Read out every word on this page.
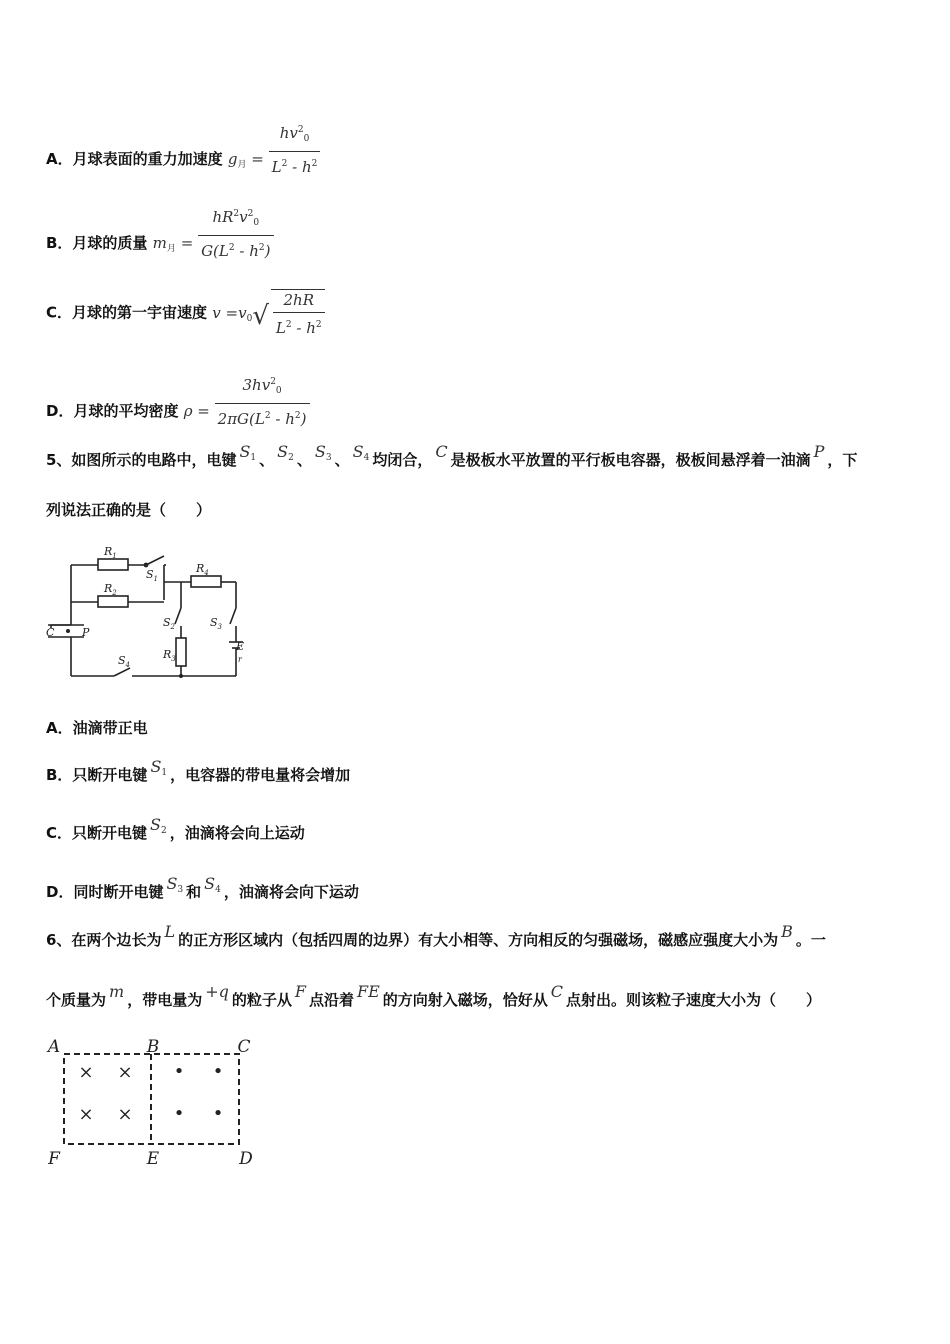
A．月球表面的重力加速度 $g_月 = \frac{hv^2_0}{L^2 - h^2}$
B．月球的质量 $m_月 = \frac{hR^2v^2_0}{G(L^2 - h^2)}$
C．月球的第一宇宙速度 $v =v_0√ \frac{2hR}{L^2 - h^2}$
D．月球的平均密度 $\rho = \frac{3hv^2_0}{2\pi G(L^2 - h^2)}$
5、如图所示的电路中，电键 $S_1$ 、 $S_2$ 、 $S_3$ 、 $S_4$ 均闭合， C 是极板水平放置的平行板电容器，极板间悬浮着一油滴 P ，下
列说法正确的是（　　）
$R_1$
$R_2$
$R_3$
$R_4$
$S_1$
$S_2$	$S_3$
$S_4$
C	P
E
r
A．油滴带正电
B．只断开电键 $S_1$ ，电容器的带电量将会增加
C．只断开电键 $S_2$ ，油滴将会向上运动
D．同时断开电键 $S_3$ 和 $S_4$ ，油滴将会向下运动
6、在两个边长为 L 的正方形区域内（包括四周的边界）有大小相等、方向相反的匀强磁场，磁感应强度大小为 B 。一
个质量为 m ，带电量为 +q 的粒子从 F 点沿着 FE 的方向射入磁场，恰好从 C 点射出。则该粒子速度大小为（　　）
A	B	C
D
E
F
× ×
× ×
• •
• •
